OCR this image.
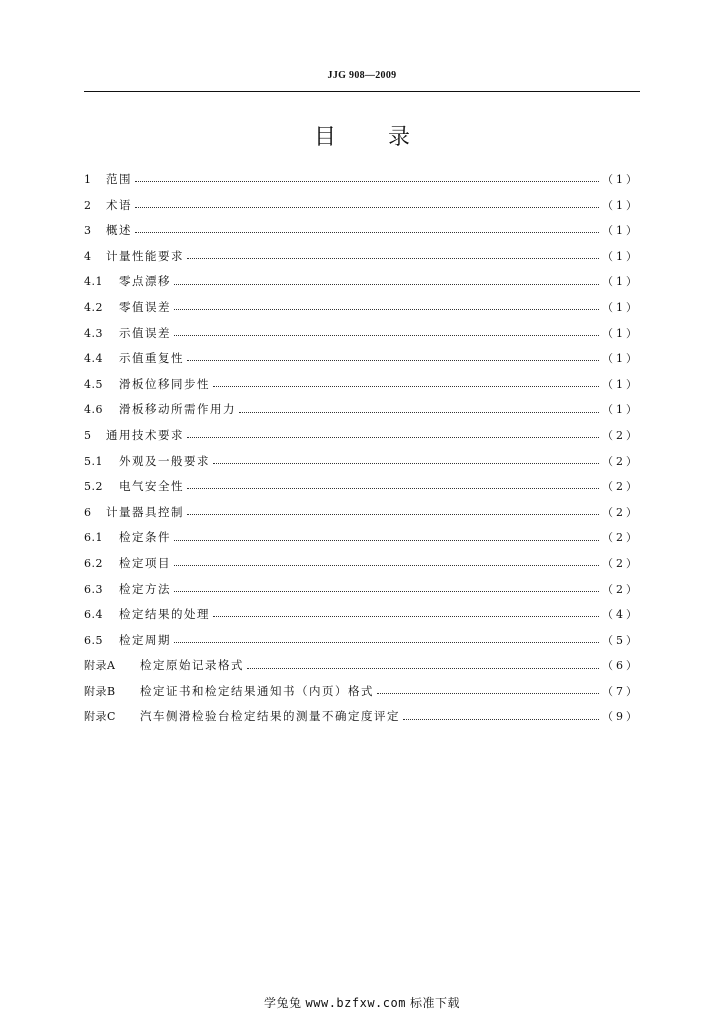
JJG 908—2009
目录
1	范围	（1）
2	术语	（1）
3	概述	（1）
4	计量性能要求	（1）
4.1	零点漂移	（1）
4.2	零值误差	（1）
4.3	示值误差	（1）
4.4	示值重复性	（1）
4.5	滑板位移同步性	（1）
4.6	滑板移动所需作用力	（1）
5	通用技术要求	（2）
5.1	外观及一般要求	（2）
5.2	电气安全性	（2）
6	计量器具控制	（2）
6.1	检定条件	（2）
6.2	检定项目	（2）
6.3	检定方法	（2）
6.4	检定结果的处理	（4）
6.5	检定周期	（5）
附录A	检定原始记录格式	（6）
附录B	检定证书和检定结果通知书（内页）格式	（7）
附录C	汽车侧滑检验台检定结果的测量不确定度评定	（9）
学兔兔 www.bzfxw.com 标准下载
